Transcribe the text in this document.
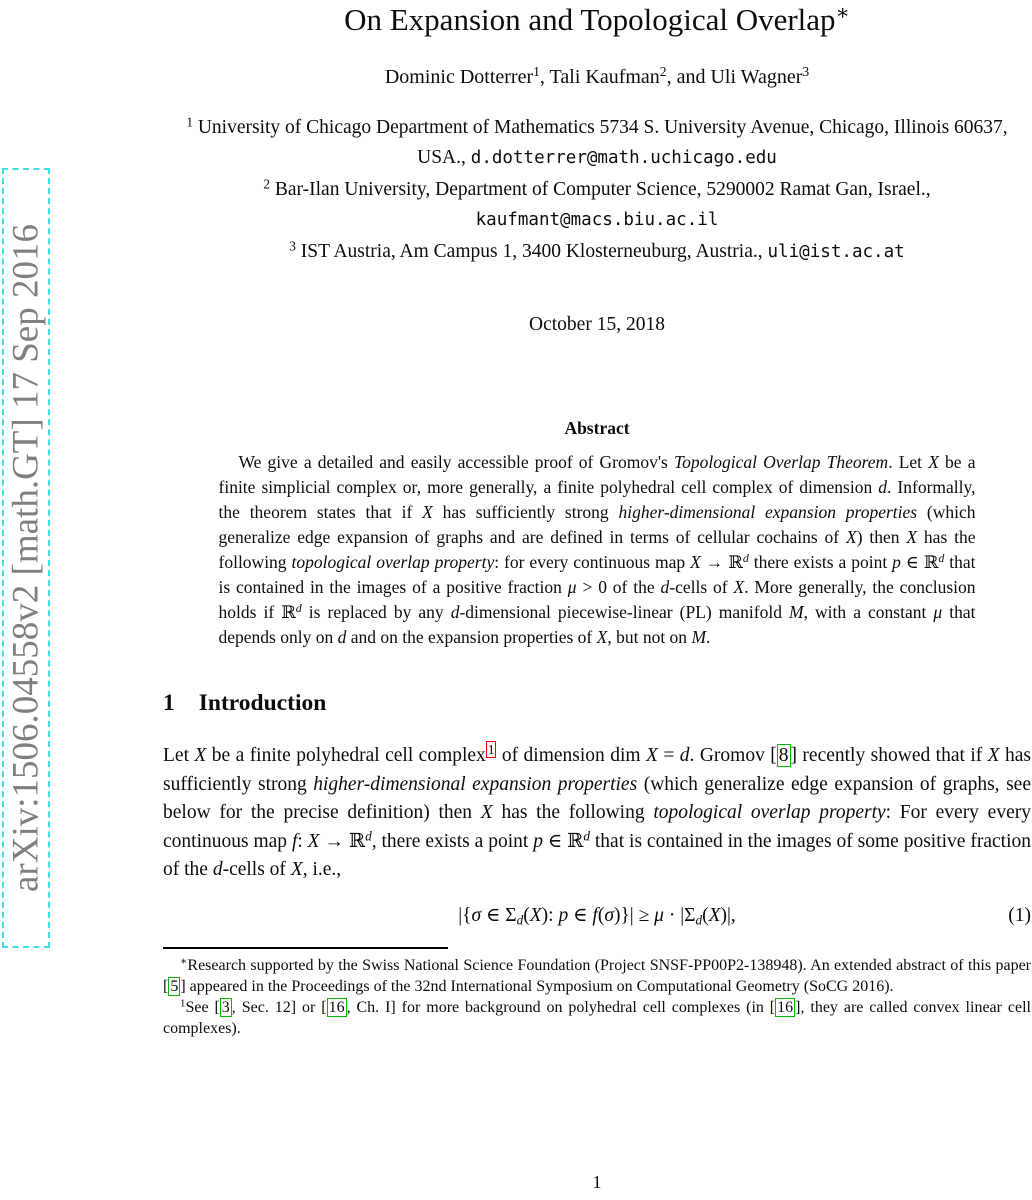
arXiv:1506.04558v2 [math.GT] 17 Sep 2016
On Expansion and Topological Overlap∗
Dominic Dotterrer$^1$, Tali Kaufman$^2$, and Uli Wagner$^3$
$^1$ University of Chicago Department of Mathematics 5734 S. University Avenue, Chicago, Illinois 60637, USA., d.dotterrer@math.uchicago.edu
$^2$ Bar-Ilan University, Department of Computer Science, 5290002 Ramat Gan, Israel., kaufmant@macs.biu.ac.il
$^3$ IST Austria, Am Campus 1, 3400 Klosterneuburg, Austria., uli@ist.ac.at
October 15, 2018
Abstract

We give a detailed and easily accessible proof of Gromov's Topological Overlap Theorem. Let X be a finite simplicial complex or, more generally, a finite polyhedral cell complex of dimension d. Informally, the theorem states that if X has sufficiently strong higher-dimensional expansion properties (which generalize edge expansion of graphs and are defined in terms of cellular cochains of X) then X has the following topological overlap property: for every continuous map X → ℝ$^d$ there exists a point p ∈ ℝ$^d$ that is contained in the images of a positive fraction μ > 0 of the d-cells of X. More generally, the conclusion holds if ℝ$^d$ is replaced by any d-dimensional piecewise-linear (PL) manifold M, with a constant μ that depends only on d and on the expansion properties of X, but not on M.

1 Introduction

Let X be a finite polyhedral cell complex $^1$ of dimension dim X = d. Gromov [ 8 ] recently showed that if X has sufficiently strong higher-dimensional expansion properties (which generalize edge expansion of graphs, see below for the precise definition) then X has the following topological overlap property: For every every continuous map f: X → ℝ$^d$, there exists a point p ∈ ℝ$^d$ that is contained in the images of some positive fraction of the d-cells of X, i.e.,

|{σ ∈ Σd(X): p ∈ f(σ)}| ≥ μ · |Σd(X)|,	(1)

∗Research supported by the Swiss National Science Foundation (Project SNSF-PP00P2-138948). An extended abstract of this paper [ 5 ] appeared in the Proceedings of the 32nd International Symposium on Computational Geometry (SoCG 2016).

$^1$See [ 3 , Sec. 12] or [ 16 , Ch. I] for more background on polyhedral cell complexes (in [ 16 ], they are called convex linear cell complexes).

1
